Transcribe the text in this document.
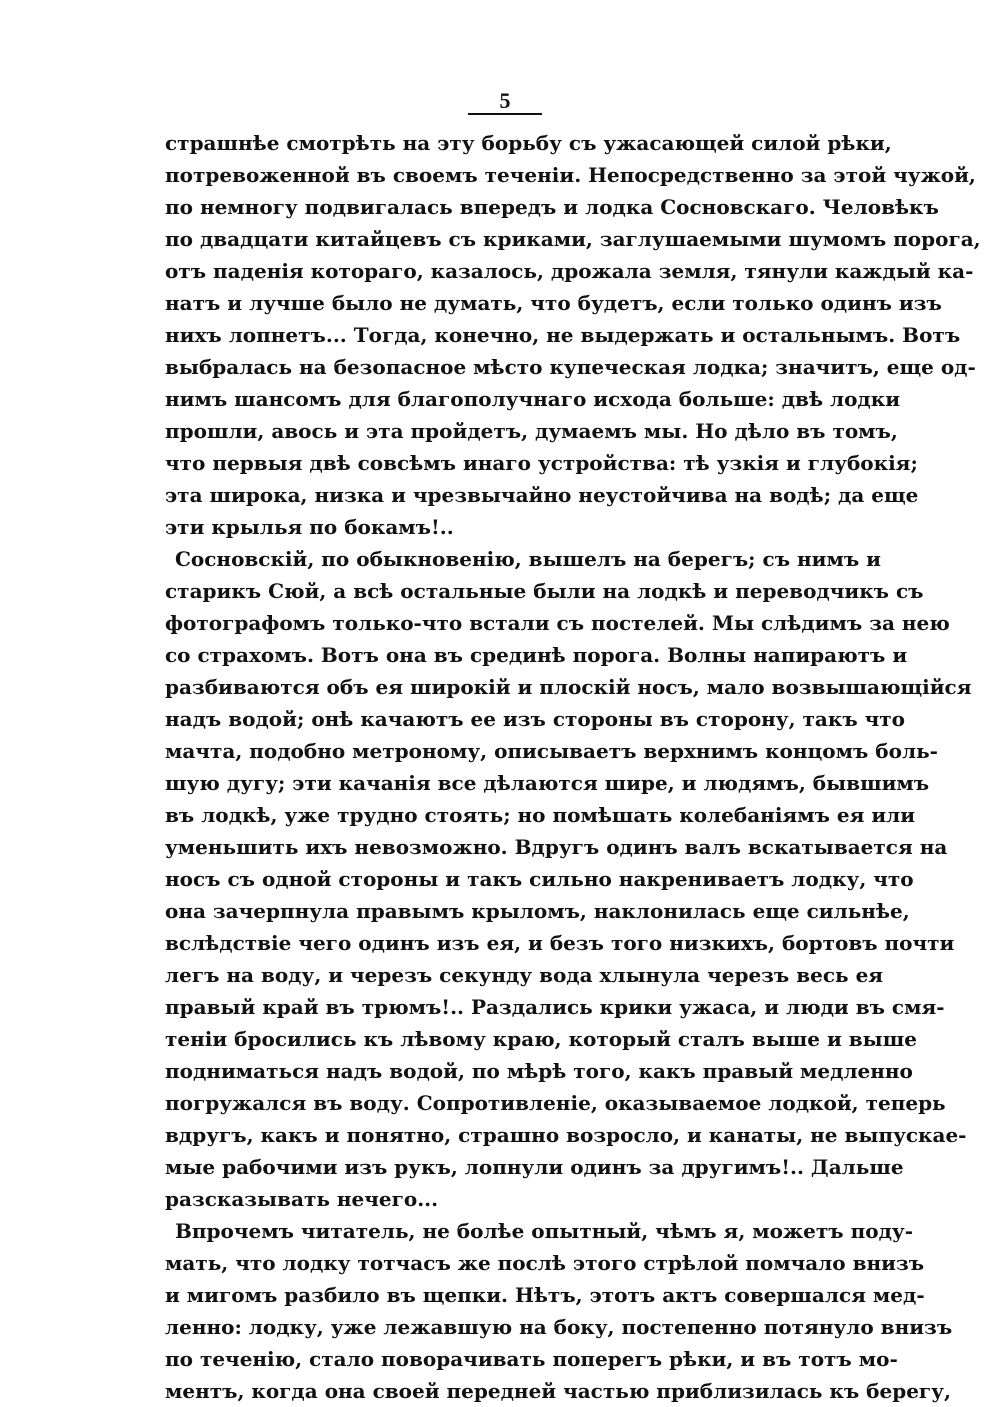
5
страшнѣе смотрѣть на эту борьбу съ ужасающей силой рѣки,
потревоженной въ своемъ теченіи. Непосредственно за этой чужой,
по немногу подвигалась впередъ и лодка Сосновскаго. Человѣкъ
по двадцати китайцевъ съ криками, заглушаемыми шумомъ порога,
отъ паденія котораго, казалось, дрожала земля, тянули каждый ка-
натъ и лучше было не думать, что будетъ, если только одинъ изъ
нихъ лопнетъ... Тогда, конечно, не выдержать и остальнымъ. Вотъ
выбралась на безопасное мѣсто купеческая лодка; значитъ, еще од-
нимъ шансомъ для благополучнаго исхода больше: двѣ лодки
прошли, авось и эта пройдетъ, думаемъ мы. Но дѣло въ томъ,
что первыя двѣ совсѣмъ инаго устройства: тѣ узкія и глубокія;
эта широка, низка и чрезвычайно неустойчива на водѣ; да еще
эти крылья по бокамъ!..
Сосновскій, по обыкновенію, вышелъ на берегъ; съ нимъ и
старикъ Сюй, а всѣ остальные были на лодкѣ и переводчикъ съ
фотографомъ только-что встали съ постелей. Мы слѣдимъ за нею
со страхомъ. Вотъ она въ срединѣ порога. Волны напираютъ и
разбиваются объ ея широкій и плоскій носъ, мало возвышающійся
надъ водой; онѣ качаютъ ее изъ стороны въ сторону, такъ что
мачта, подобно метроному, описываетъ верхнимъ концомъ боль-
шую дугу; эти качанія все дѣлаются шире, и людямъ, бывшимъ
въ лодкѣ, уже трудно стоять; но помѣшать колебаніямъ ея или
уменьшить ихъ невозможно. Вдругъ одинъ валъ вскатывается на
носъ съ одной стороны и такъ сильно накрениваетъ лодку, что
она зачерпнула правымъ крыломъ, наклонилась еще сильнѣе,
вслѣдствіе чего одинъ изъ ея, и безъ того низкихъ, бортовъ почти
легъ на воду, и черезъ секунду вода хлынула черезъ весь ея
правый край въ трюмъ!.. Раздались крики ужаса, и люди въ смя-
теніи бросились къ лѣвому краю, который сталъ выше и выше
подниматься надъ водой, по мѣрѣ того, какъ правый медленно
погружался въ воду. Сопротивленіе, оказываемое лодкой, теперь
вдругъ, какъ и понятно, страшно возросло, и канаты, не выпускае-
мые рабочими изъ рукъ, лопнули одинъ за другимъ!.. Дальше
разсказывать нечего...
Впрочемъ читатель, не болѣе опытный, чѣмъ я, можетъ поду-
мать, что лодку тотчасъ же послѣ этого стрѣлой помчало внизъ
и мигомъ разбило въ щепки. Нѣтъ, этотъ актъ совершался мед-
ленно: лодку, уже лежавшую на боку, постепенно потянуло внизъ
по теченію, стало поворачивать поперегъ рѣки, и въ тотъ мо-
ментъ, когда она своей передней частью приблизилась къ берегу,
